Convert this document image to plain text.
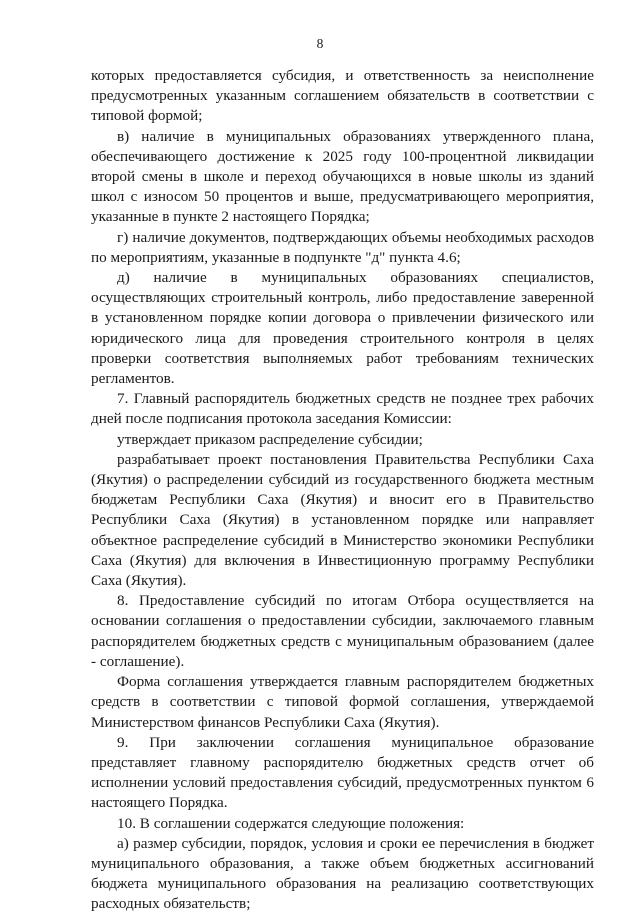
8

которых предоставляется субсидия, и ответственность за неисполнение предусмотренных указанным соглашением обязательств в соответствии с типовой формой;

в) наличие в муниципальных образованиях утвержденного плана, обеспечивающего достижение к 2025 году 100-процентной ликвидации второй смены в школе и переход обучающихся в новые школы из зданий школ с износом 50 процентов и выше, предусматривающего мероприятия, указанные в пункте 2 настоящего Порядка;

г) наличие документов, подтверждающих объемы необходимых расходов по мероприятиям, указанные в подпункте "д" пункта 4.6;

д) наличие в муниципальных образованиях специалистов, осуществляющих строительный контроль, либо предоставление заверенной в установленном порядке копии договора о привлечении физического или юридического лица для проведения строительного контроля в целях проверки соответствия выполняемых работ требованиям технических регламентов.

7. Главный распорядитель бюджетных средств не позднее трех рабочих дней после подписания протокола заседания Комиссии:

утверждает приказом распределение субсидии;

разрабатывает проект постановления Правительства Республики Саха (Якутия) о распределении субсидий из государственного бюджета местным бюджетам Республики Саха (Якутия) и вносит его в Правительство Республики Саха (Якутия) в установленном порядке или направляет объектное распределение субсидий в Министерство экономики Республики Саха (Якутия) для включения в Инвестиционную программу Республики Саха (Якутия).

8. Предоставление субсидий по итогам Отбора осуществляется на основании соглашения о предоставлении субсидии, заключаемого главным распорядителем бюджетных средств с муниципальным образованием (далее - соглашение).

Форма соглашения утверждается главным распорядителем бюджетных средств в соответствии с типовой формой соглашения, утверждаемой Министерством финансов Республики Саха (Якутия).

9. При заключении соглашения муниципальное образование представляет главному распорядителю бюджетных средств отчет об исполнении условий предоставления субсидий, предусмотренных пунктом 6 настоящего Порядка.

10. В соглашении содержатся следующие положения:

а) размер субсидии, порядок, условия и сроки ее перечисления в бюджет муниципального образования, а также объем бюджетных ассигнований бюджета муниципального образования на реализацию соответствующих расходных обязательств;
